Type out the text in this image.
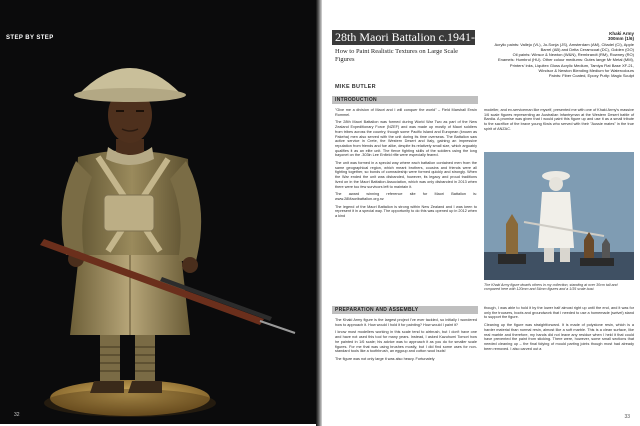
STEP BY STEP
32
28th Maori Battalion c.1941-1943
How to Paint Realistic Textures on Large Scale Figures
MIKE BUTLER
Khaki Army
300mm (1/6)
Acrylic paints: Vallejo (VL), Jo-Sonja (JS), Amsterdam (AM), Citadel (CI), Apple
Barrel (AB) and Delta Ceramcoat (DC), Golden (GO)
Oil paints: Winsor & Newton (W&N), Rembrandt (RM), Rowney (RO)
Enamels: Humbrol (HU). Other colour mediums: Gutes lange Mr Metal (MM),
Printers' inks, Liquitex Gloss Acrylic Medium, Tamiya Flat Base XF-21,
Windsor & Newton Blending Medium for Watercolours
Paints: Fiber Coated, Epoxy Putty: Magic Sculpt
INTRODUCTION

"Give me a division of Maori and I will conquer the world" – Field Marshall Erwin Rommel.

The 28th Maori Battalion was formed during World War Two as part of the New Zealand Expeditionary Force (NZEF) and was made up mostly of Maori soldiers from tribes across the country, though some Pacific Island and European (known as Pakeha) men also served with the unit during its time overseas. The Battalion saw active service in Crete, the Western Desert and Italy, gaining an impressive reputation from friends and foe alike, despite its relatively small size, which arguably qualifies it as an elite unit. The fierce fighting skills of the soldiers using the long bayonet on the .303in Lee Enfield rifle were especially feared.

The unit was formed in a special way where each battalion contained men from the same geographical region, which meant brothers, cousins and friends were all fighting together, so bonds of comradeship were formed quickly and strongly. When the War ended the unit was disbanded, however, its legacy and proud traditions lived on in the Maori Battalion Association, which was only disbanded in 2013 when there were too few survivors left to maintain it.

The award winning reference site for Maori Battalion is: www.28Maoribattalion.org.nz

The legend of the Maori Battalion is strong within New Zealand and I was keen to represent it in a special way. The opportunity to do this was opened up in 2012 when a kind

modeller, and ex-serviceman like myself, presented me with one of Khaki Army's massive 1/6 scale figures representing an Australian Infantryman at the Western Desert battle of Bardia. A promise was given that I would paint this figure up and use it as a small tribute to the sacrifice of the brave young Kiwis who served with their "Aussie mates" in the true spirit of ANZAC.

The Khaki Army figure dwarfs others in my collection, standing at over 30cm tall and compared here with 120mm and 54mm figures and a 1/35 scale bust.
PREPARATION AND ASSEMBLY

The Khaki Army figure is the largest project I've ever tackled, so initially I wondered how to approach it. How would I hold it for painting? How would I paint it?

I know most modellers working in this scale tend to airbrush, but I don't have one and have not used this tool for many years. Instead, I asked Kazuhumi Tomori how he painted in 1/6 scale; his advice was to approach it as you do for smaller scale figures. For me that was using brushes mostly, but I did find some uses for non-standard tools like a toothbrush, an eggcup and cotton wool buds!

The figure was not only large it was also heavy. Fortunately

though, I was able to hold it by the lower half almost right up until the end, and it was for only the trousers, boots and groundwork that I needed to use a homemade (swivel) stand to support the figure.

Cleaning up the figure was straightforward. It is made of polystone resin, which is a harder material than normal resin, almost like a soft marble. This is a clean surface, like real marble and therefore, my hands did not leave any residue when I held it that could have prevented the paint from sticking. There were, however, some small sections that needed cleaning up – the final tidying of mould parting joints though most had already been removed. I also carved out a

33
